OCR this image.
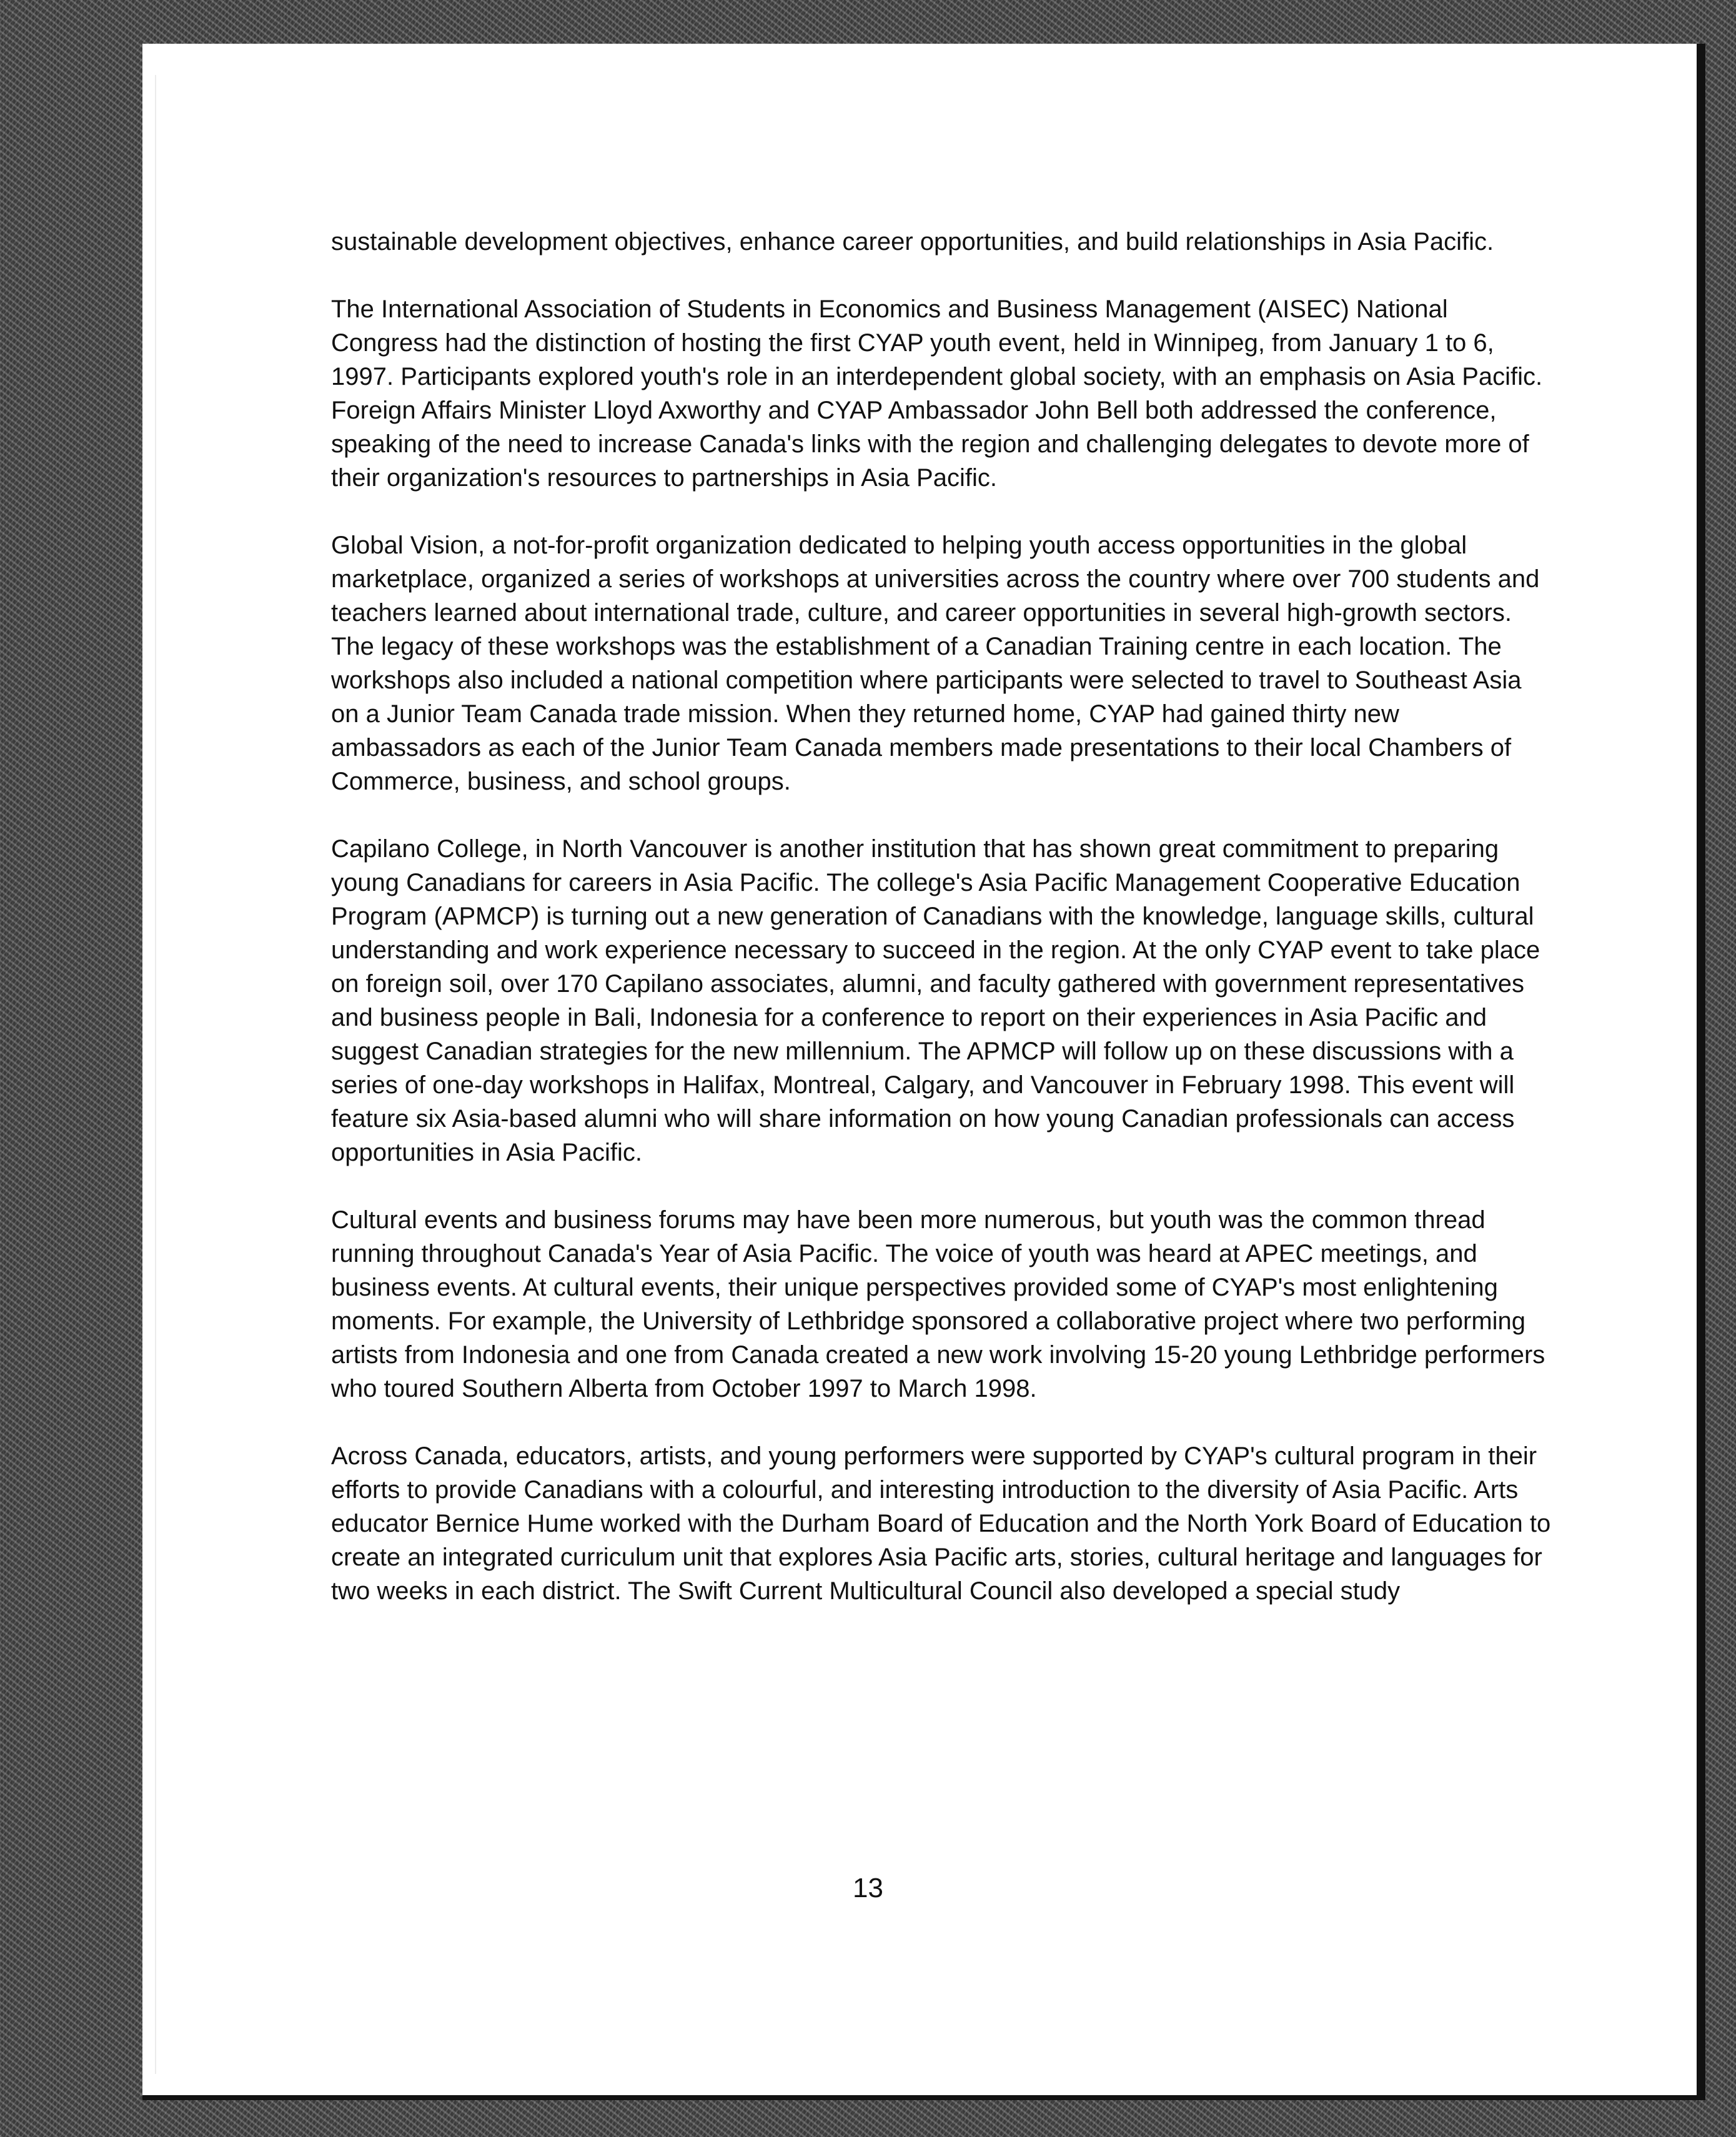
sustainable development objectives, enhance career opportunities, and build relationships in Asia Pacific.

The International Association of Students in Economics and Business Management (AISEC) National Congress had the distinction of hosting the first CYAP youth event, held in Winnipeg, from January 1 to 6, 1997. Participants explored youth's role in an interdependent global society, with an emphasis on Asia Pacific. Foreign Affairs Minister Lloyd Axworthy and CYAP Ambassador John Bell both addressed the conference, speaking of the need to increase Canada's links with the region and challenging delegates to devote more of their organization's resources to partnerships in Asia Pacific.

Global Vision, a not-for-profit organization dedicated to helping youth access opportunities in the global marketplace, organized a series of workshops at universities across the country where over 700 students and teachers learned about international trade, culture, and career opportunities in several high-growth sectors. The legacy of these workshops was the establishment of a Canadian Training centre in each location. The workshops also included a national competition where participants were selected to travel to Southeast Asia on a Junior Team Canada trade mission. When they returned home, CYAP had gained thirty new ambassadors as each of the Junior Team Canada members made presentations to their local Chambers of Commerce, business, and school groups.

Capilano College, in North Vancouver is another institution that has shown great commitment to preparing young Canadians for careers in Asia Pacific. The college's Asia Pacific Management Cooperative Education Program (APMCP) is turning out a new generation of Canadians with the knowledge, language skills, cultural understanding and work experience necessary to succeed in the region. At the only CYAP event to take place on foreign soil, over 170 Capilano associates, alumni, and faculty gathered with government representatives and business people in Bali, Indonesia for a conference to report on their experiences in Asia Pacific and suggest Canadian strategies for the new millennium. The APMCP will follow up on these discussions with a series of one-day workshops in Halifax, Montreal, Calgary, and Vancouver in February 1998. This event will feature six Asia-based alumni who will share information on how young Canadian professionals can access opportunities in Asia Pacific.

Cultural events and business forums may have been more numerous, but youth was the common thread running throughout Canada's Year of Asia Pacific. The voice of youth was heard at APEC meetings, and business events. At cultural events, their unique perspectives provided some of CYAP's most enlightening moments. For example, the University of Lethbridge sponsored a collaborative project where two performing artists from Indonesia and one from Canada created a new work involving 15-20 young Lethbridge performers who toured Southern Alberta from October 1997 to March 1998.

Across Canada, educators, artists, and young performers were supported by CYAP's cultural program in their efforts to provide Canadians with a colourful, and interesting introduction to the diversity of Asia Pacific. Arts educator Bernice Hume worked with the Durham Board of Education and the North York Board of Education to create an integrated curriculum unit that explores Asia Pacific arts, stories, cultural heritage and languages for two weeks in each district. The Swift Current Multicultural Council also developed a special study

13
